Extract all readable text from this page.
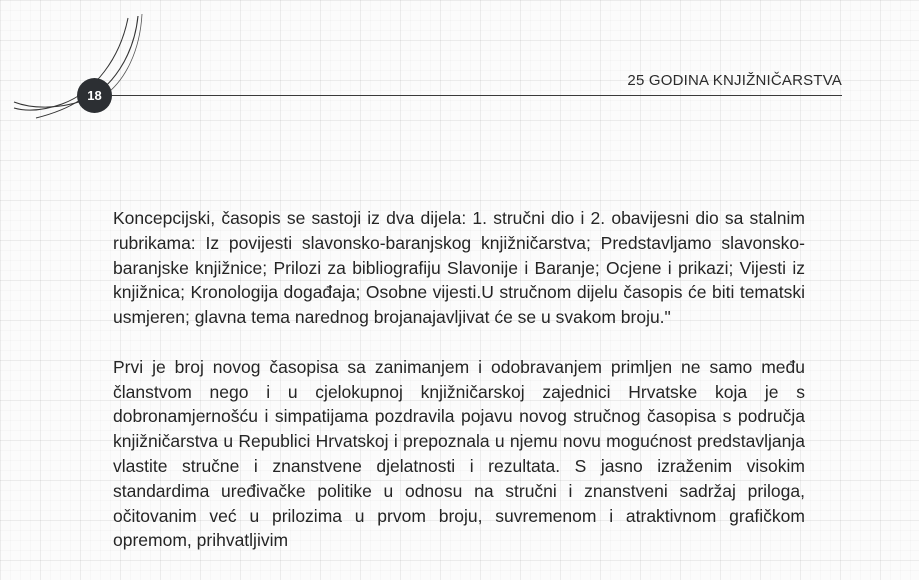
18
25 GODINA KNJIŽNIČARSTVA

Koncepcijski, časopis se sastoji iz dva dijela: 1. stručni dio i 2. obavijesni dio sa stalnim rubrikama: Iz povijesti slavonsko-baranjskog knjižničarstva; Predstavljamo slavonsko-baranjske knjižnice; Prilozi za bibliografiju Slavonije i Baranje; Ocjene i prikazi; Vijesti iz knjižnica; Kronologija događaja; Osobne vijesti.U stručnom dijelu časopis će biti tematski usmjeren; glavna tema narednog brojanajavljivat će se u svakom broju."

Prvi je broj novog časopisa sa zanimanjem i odobravanjem primljen ne samo među članstvom nego i u cjelokupnoj knjižničarskoj zajednici Hrvatske koja je s dobronamjernošću i simpatijama pozdravila pojavu novog stručnog časopisa s područja knjižničarstva u Republici Hrvatskoj i prepoznala u njemu novu mogućnost predstavljanja vlastite stručne i znanstvene djelatnosti i rezultata. S jasno izraženim visokim standardima uređivačke politike u odnosu na stručni i znanstveni sadržaj priloga, očitovanim već u prilozima u prvom broju, suvremenom i atraktivnom grafičkom opremom, prihvatljivim
